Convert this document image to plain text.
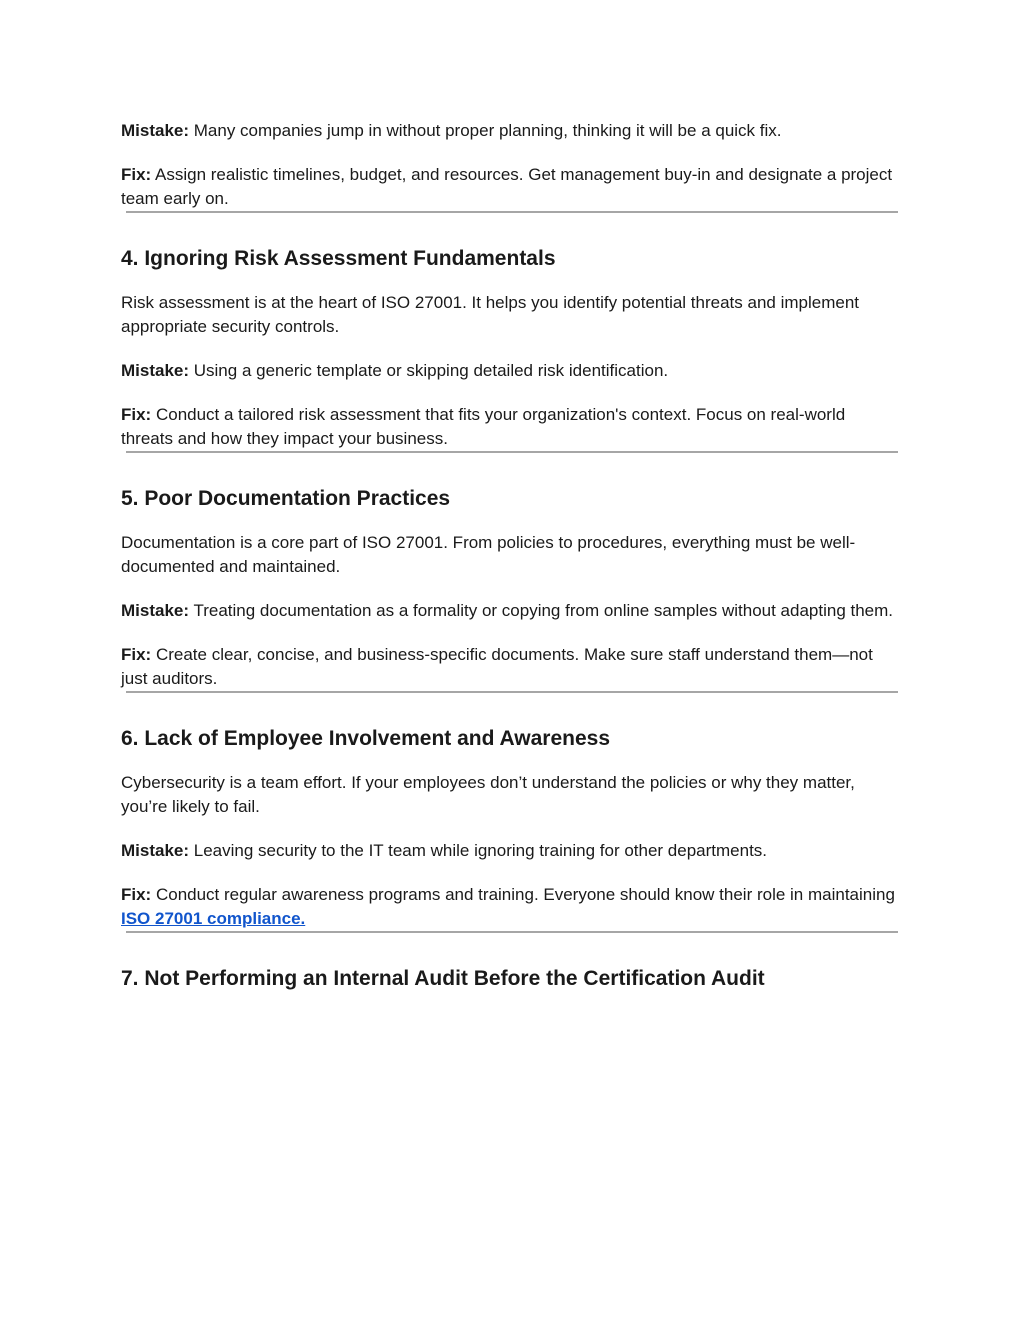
Mistake: Many companies jump in without proper planning, thinking it will be a quick fix.

Fix: Assign realistic timelines, budget, and resources. Get management buy-in and designate a project team early on.

4. Ignoring Risk Assessment Fundamentals

Risk assessment is at the heart of ISO 27001. It helps you identify potential threats and implement appropriate security controls.

Mistake: Using a generic template or skipping detailed risk identification.

Fix: Conduct a tailored risk assessment that fits your organization's context. Focus on real-world threats and how they impact your business.

5. Poor Documentation Practices

Documentation is a core part of ISO 27001. From policies to procedures, everything must be well-documented and maintained.

Mistake: Treating documentation as a formality or copying from online samples without adapting them.

Fix: Create clear, concise, and business-specific documents. Make sure staff understand them—not just auditors.

6. Lack of Employee Involvement and Awareness

Cybersecurity is a team effort. If your employees don’t understand the policies or why they matter, you’re likely to fail.

Mistake: Leaving security to the IT team while ignoring training for other departments.

Fix: Conduct regular awareness programs and training. Everyone should know their role in maintaining ISO 27001 compliance.

7. Not Performing an Internal Audit Before the Certification Audit
